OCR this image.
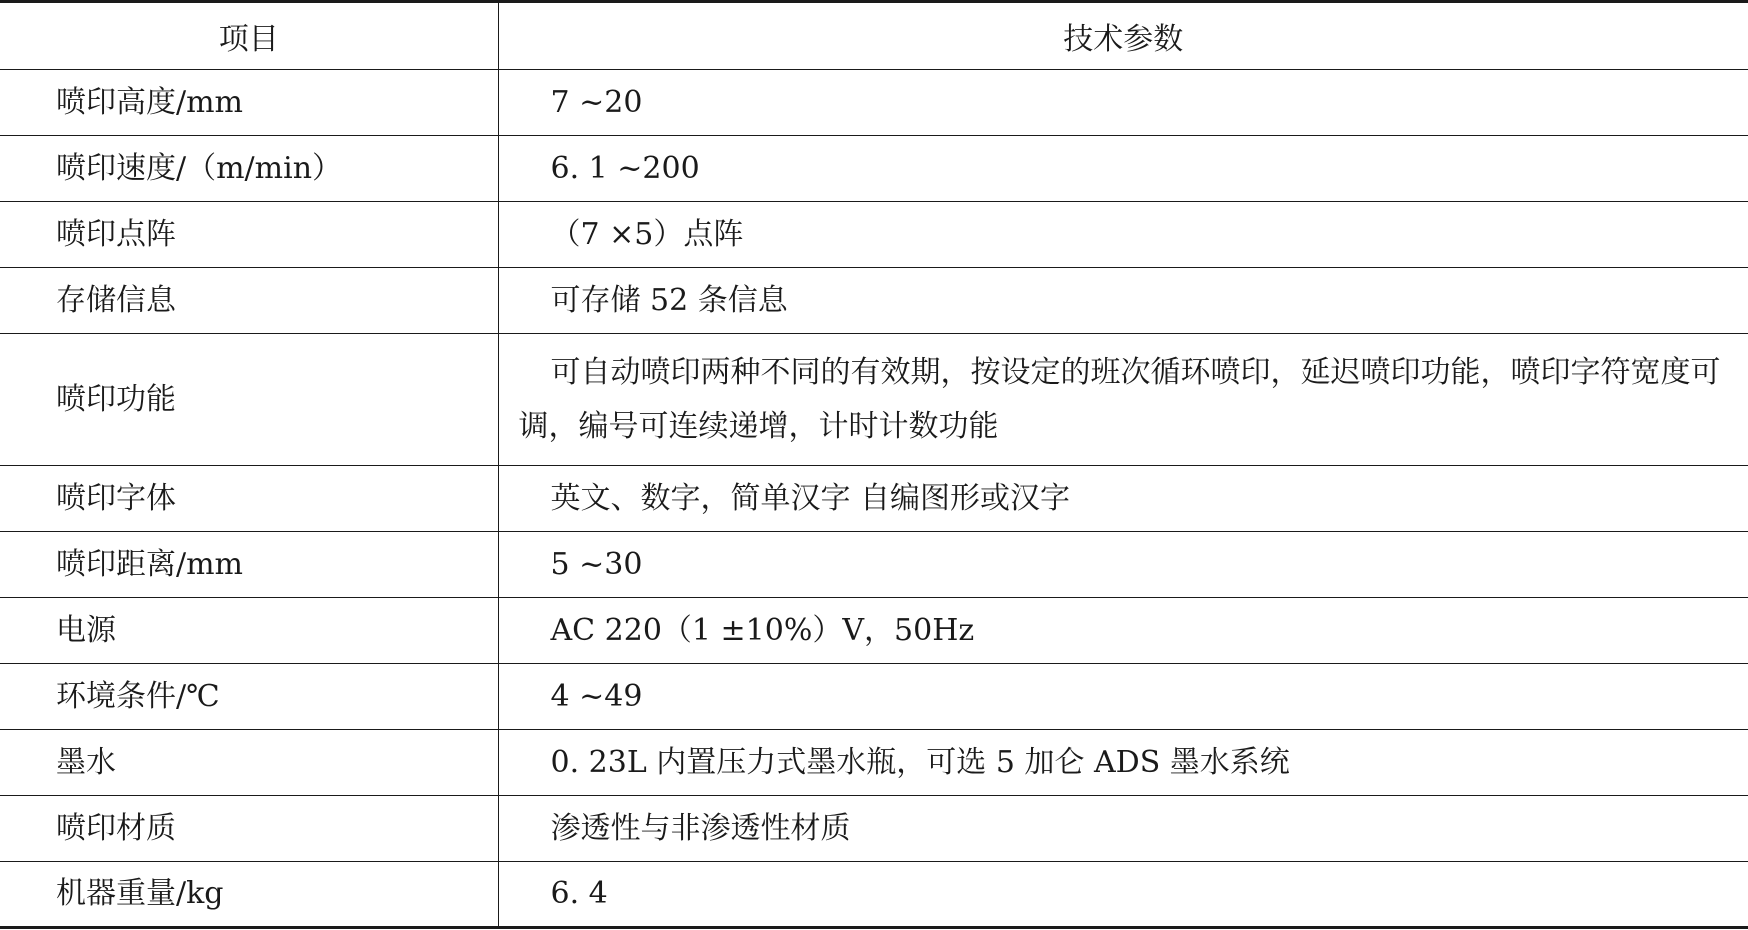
项目	技术参数
喷印高度/mm	7 ~20

喷印速度/（m/min）	6. 1 ~200

喷印点阵	（7 ×5）点阵

存储信息	可存储 52 条信息

喷印功能	可自动喷印两种不同的有效期，按设定的班次循环喷印，延迟喷印功能，喷印字符宽度可调，编号可连续递增，计时计数功能

喷印字体	英文、数字，简单汉字 自编图形或汉字

喷印距离/mm	5 ~30

电源	AC 220（1 ±10%）V，50Hz

环境条件/℃	4 ~49

墨水	0. 23L 内置压力式墨水瓶，可选 5 加仑 ADS 墨水系统

喷印材质	渗透性与非渗透性材质

机器重量/kg	6. 4
